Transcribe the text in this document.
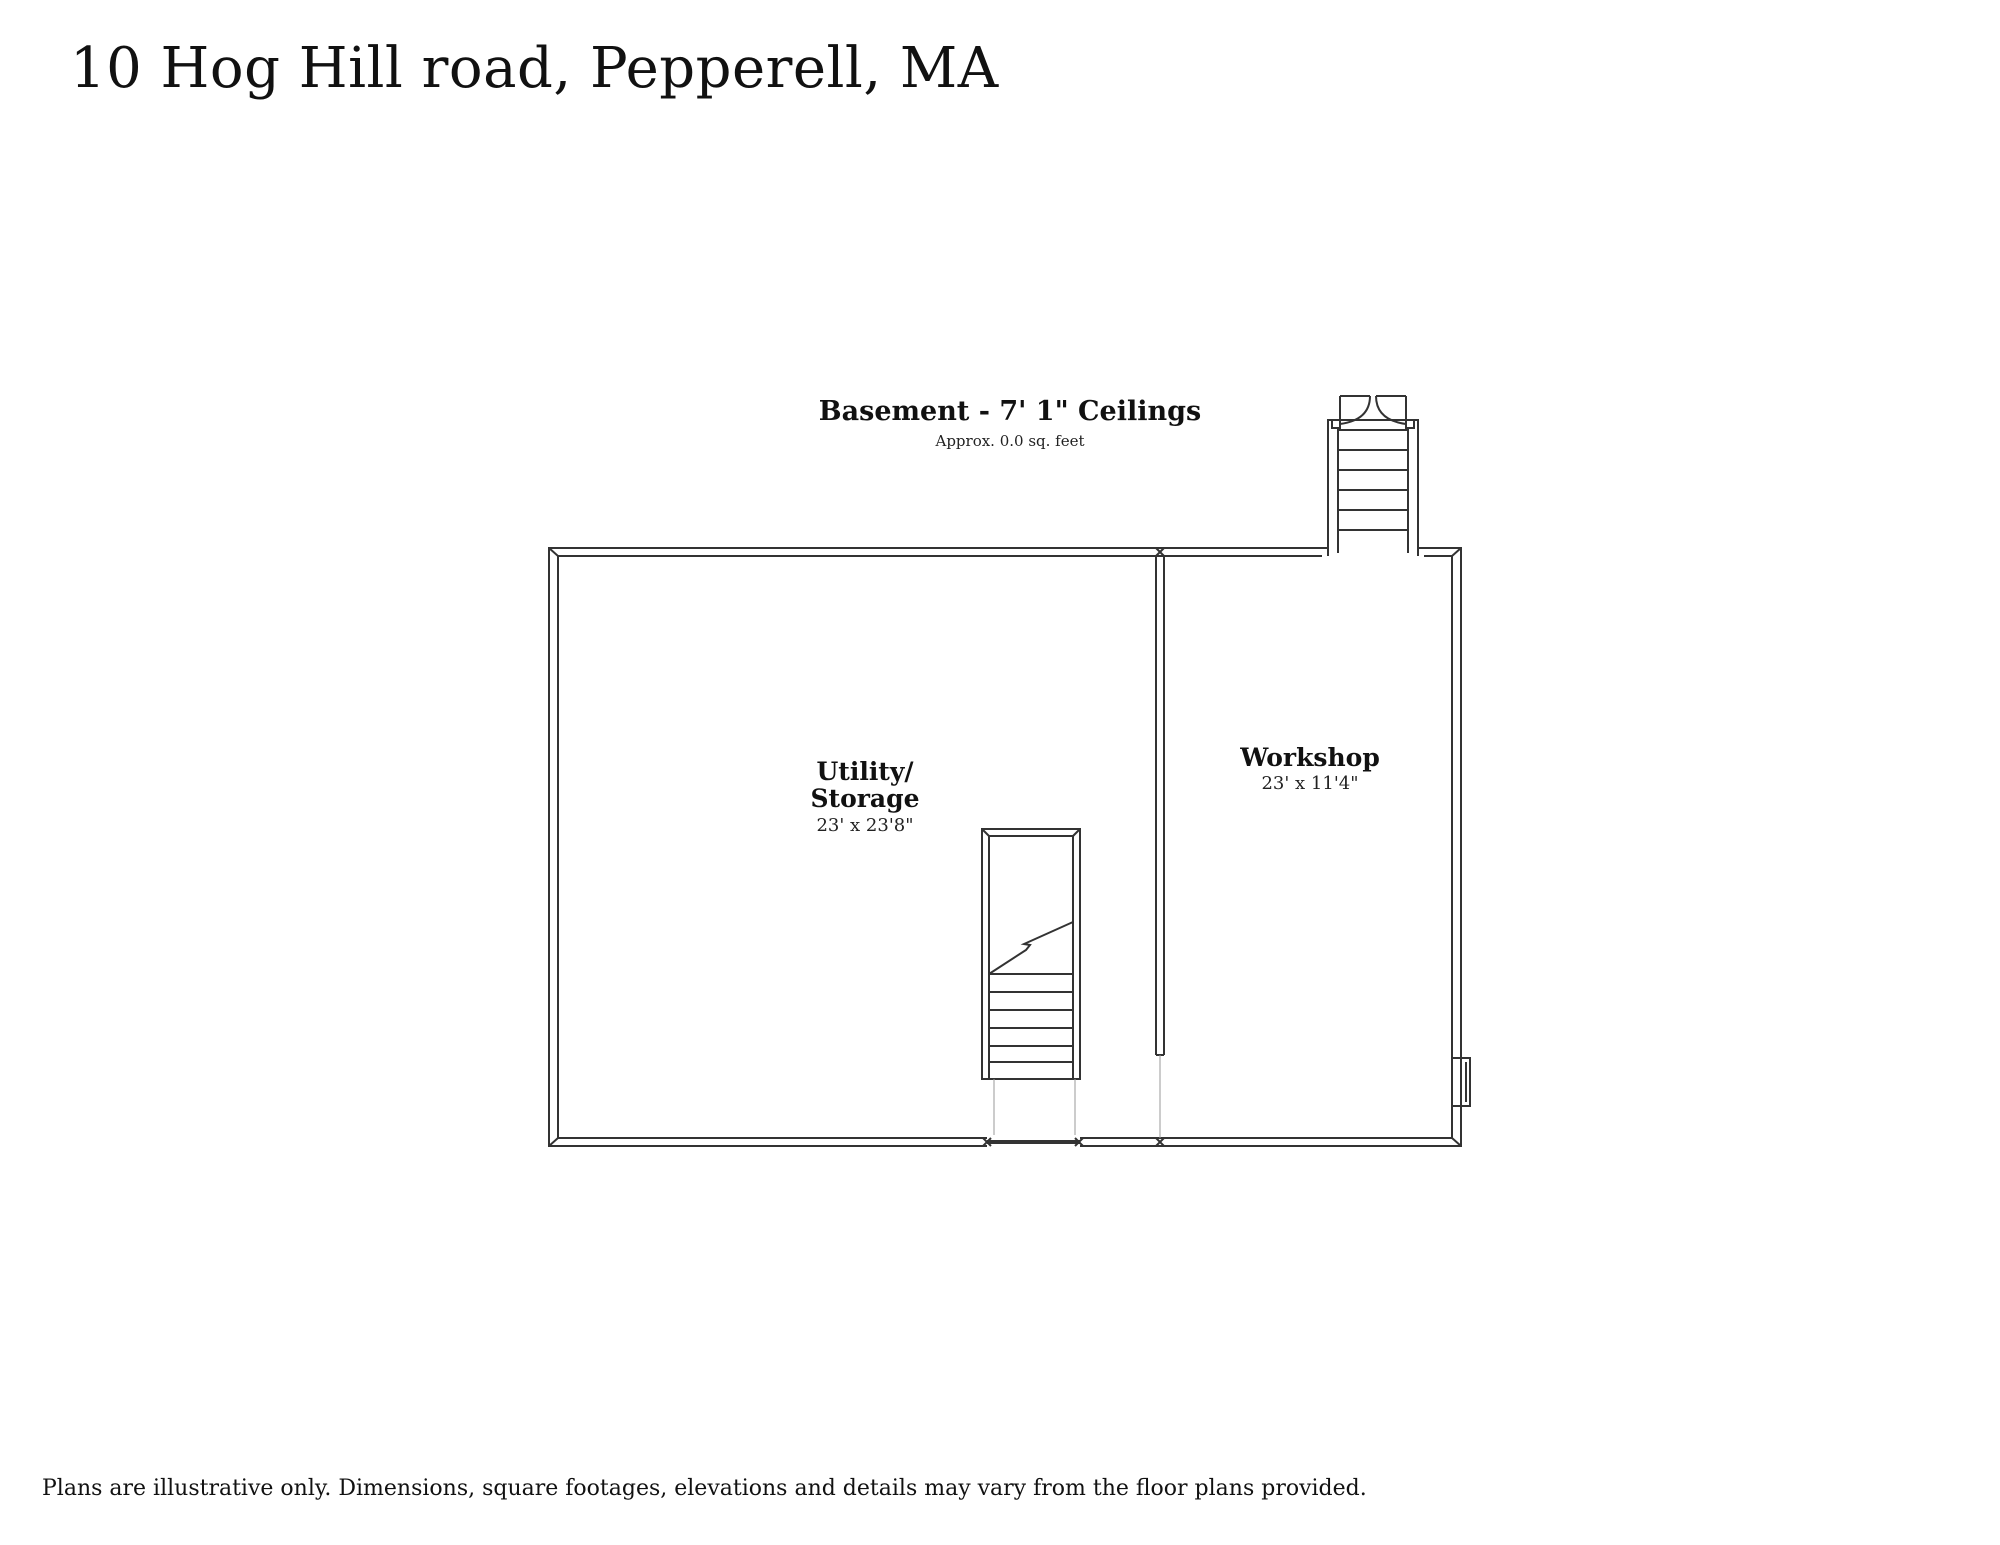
10 Hog Hill road, Pepperell, MA
Basement - 7' 1" Ceilings
Approx. 0.0 sq. feet
Utility/
Storage
23' x 23'8"
Workshop
23' x 11'4"
Plans are illustrative only. Dimensions, square footages, elevations and details may vary from the floor plans provided.
